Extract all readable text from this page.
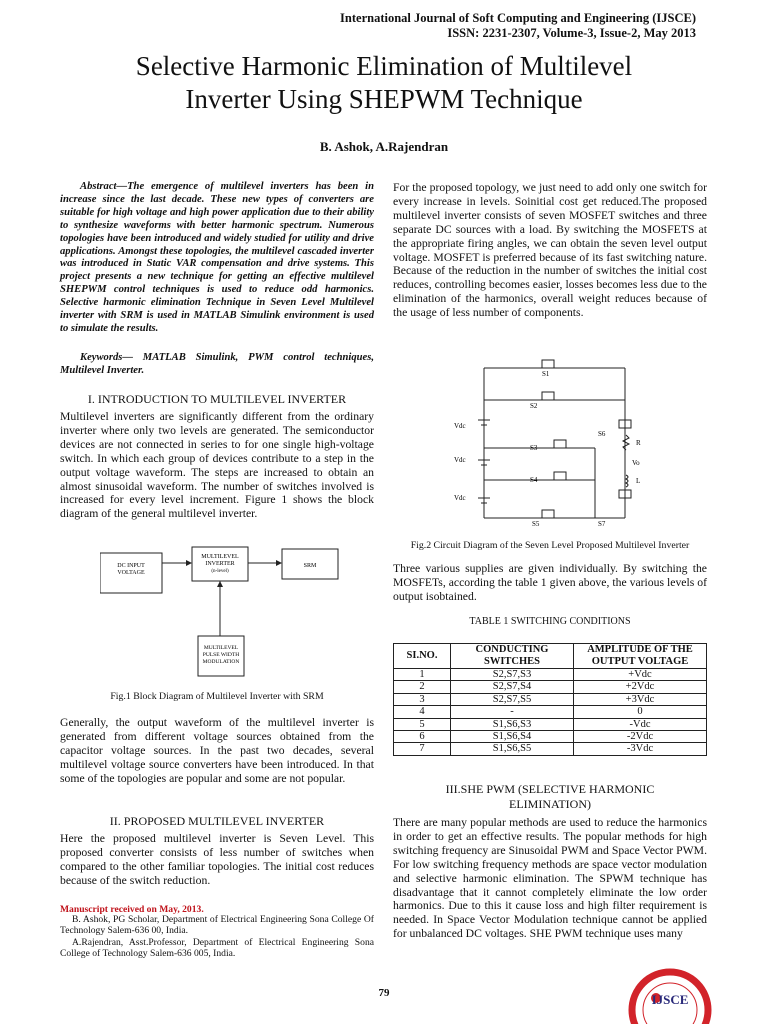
International Journal of Soft Computing and Engineering (IJSCE)
ISSN: 2231-2307, Volume-3, Issue-2, May 2013
Selective Harmonic Elimination of Multilevel
Inverter Using SHEPWM Technique
B. Ashok, A.Rajendran
Abstract—The emergence of multilevel inverters has been in increase since the last decade. These new types of converters are suitable for high voltage and high power application due to their ability to synthesize waveforms with better harmonic spectrum. Numerous topologies have been introduced and widely studied for utility and drive applications. Amongst these topologies, the multilevel cascaded inverter was introduced in Static VAR compensation and drive systems. This project presents a new technique for getting an effective multilevel SHEPWM control techniques is used to reduce odd harmonics. Selective harmonic elimination Technique in Seven Level Multilevel inverter with SRM is used in MATLAB Simulink environment is used to simulate the results.
Keywords— MATLAB Simulink, PWM control techniques, Multilevel Inverter.
I. INTRODUCTION TO MULTILEVEL INVERTER
Multilevel inverters are significantly different from the ordinary inverter where only two levels are generated. The semiconductor devices are not connected in series to for one single high-voltage switch. In which each group of devices contribute to a step in the output voltage waveform. The steps are increased to obtain an almost sinusoidal waveform. The number of switches involved is increased for every level increment. Figure 1 shows the block diagram of the general multilevel inverter.
DC INPUT
VOLTAGE
MULTILEVEL
INVERTER
(n-level)
SRM
MULTILEVEL
PULSE WIDTH
MODULATION
Fig.1 Block Diagram of Multilevel Inverter with SRM
Generally, the output waveform of the multilevel inverter is generated from different voltage sources obtained from the capacitor voltage sources. In the past two decades, several multilevel voltage source converters have been introduced. In that some of the topologies are popular and some are not popular.
II. PROPOSED MULTILEVEL INVERTER
Here the proposed multilevel inverter is Seven Level. This proposed converter consists of less number of switches when compared to the other familiar topologies. The initial cost reduces because of the switch reduction.
Manuscript received on May, 2013.
B. Ashok, PG Scholar, Department of Electrical Engineering Sona College Of Technology Salem-636 00, India.
A.Rajendran, Asst.Professor, Department of Electrical Engineering Sona College of Technology Salem-636 005, India.
For the proposed topology, we just need to add only one switch for every increase in levels. Soinitial cost get reduced.The proposed multilevel inverter consists of seven MOSFET switches and three separate DC sources with a load. By switching the MOSFETS at the appropriate firing angles, we can obtain the seven level output voltage. MOSFET is preferred because of its fast switching nature. Because of the reduction in the number of switches the initial cost reduces, controlling becomes easier, losses becomes less due to the elimination of the harmonics, overall weight reduces because of the usage of less number of components.
S1
S2
S3
S4
S5
S6
S7
Vdc
Vdc
Vdc
R
Vo
L
Fig.2 Circuit Diagram of the Seven Level Proposed Multilevel Inverter
Three various supplies are given individually. By switching the MOSFETs, according the table 1 given above, the various levels of output isobtained.
TABLE 1 SWITCHING CONDITIONS
SI.NO.	CONDUCTING SWITCHES	AMPLITUDE OF THE OUTPUT VOLTAGE
1	S2,S7,S3	+Vdc
2	S2,S7,S4	+2Vdc
3	S2,S7,S5	+3Vdc
4	-	0
5	S1,S6,S3	-Vdc
6	S1,S6,S4	-2Vdc
7	S1,S6,S5	-3Vdc
III.SHE PWM (SELECTIVE HARMONIC
ELIMINATION)
There are many popular methods are used to reduce the harmonics in order to get an effective results. The popular methods for high switching frequency are Sinusoidal PWM and Space Vector PWM. For low switching frequency methods are space vector modulation and selective harmonic elimination. The SPWM technique has disadvantage that it cannot completely eliminate the low order harmonics. Due to this it cause loss and high filter requirement is needed. In Space Vector Modulation technique cannot be applied for unbalanced DC voltages. SHE PWM technique uses many
79	IJSCE
